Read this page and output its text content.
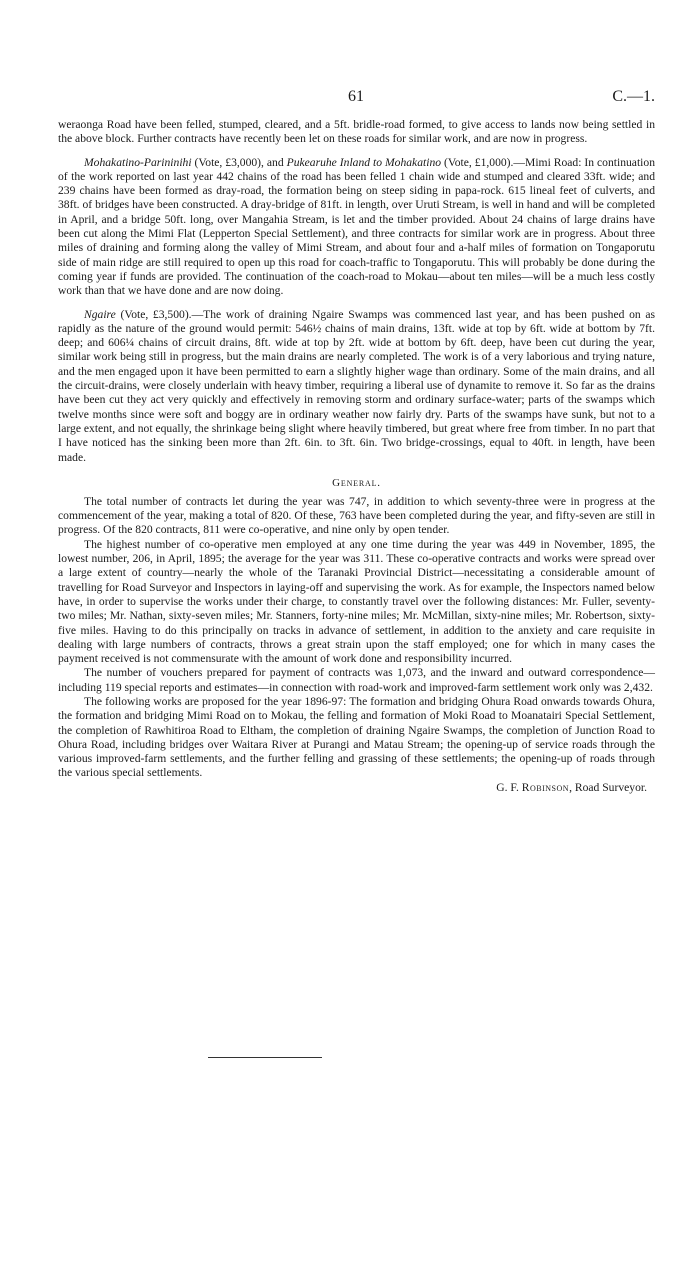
61	C.—1.

weraonga Road have been felled, stumped, cleared, and a 5ft. bridle-road formed, to give access to lands now being settled in the above block. Further contracts have recently been let on these roads for similar work, and are now in progress.

Mohakatino-Parininihi (Vote, £3,000), and Pukearuhe Inland to Mohakatino (Vote, £1,000).—Mimi Road: In continuation of the work reported on last year 442 chains of the road has been felled 1 chain wide and stumped and cleared 33ft. wide; and 239 chains have been formed as dray-road, the formation being on steep siding in papa-rock. 615 lineal feet of culverts, and 38ft. of bridges have been constructed. A dray-bridge of 81ft. in length, over Uruti Stream, is well in hand and will be completed in April, and a bridge 50ft. long, over Mangahia Stream, is let and the timber provided. About 24 chains of large drains have been cut along the Mimi Flat (Lepperton Special Settlement), and three contracts for similar work are in progress. About three miles of draining and forming along the valley of Mimi Stream, and about four and a-half miles of formation on Tongaporutu side of main ridge are still required to open up this road for coach-traffic to Tongaporutu. This will probably be done during the coming year if funds are provided. The continuation of the coach-road to Mokau—about ten miles—will be a much less costly work than that we have done and are now doing.

Ngaire (Vote, £3,500).—The work of draining Ngaire Swamps was commenced last year, and has been pushed on as rapidly as the nature of the ground would permit: 546½ chains of main drains, 13ft. wide at top by 6ft. wide at bottom by 7ft. deep; and 606¼ chains of circuit drains, 8ft. wide at top by 2ft. wide at bottom by 6ft. deep, have been cut during the year, similar work being still in progress, but the main drains are nearly completed. The work is of a very laborious and trying nature, and the men engaged upon it have been permitted to earn a slightly higher wage than ordinary. Some of the main drains, and all the circuit-drains, were closely underlain with heavy timber, requiring a liberal use of dynamite to remove it. So far as the drains have been cut they act very quickly and effectively in removing storm and ordinary surface-water; parts of the swamps which twelve months since were soft and boggy are in ordinary weather now fairly dry. Parts of the swamps have sunk, but not to a large extent, and not equally, the shrinkage being slight where heavily timbered, but great where free from timber. In no part that I have noticed has the sinking been more than 2ft. 6in. to 3ft. 6in. Two bridge-crossings, equal to 40ft. in length, have been made.

General.

The total number of contracts let during the year was 747, in addition to which seventy-three were in progress at the commencement of the year, making a total of 820. Of these, 763 have been completed during the year, and fifty-seven are still in progress. Of the 820 contracts, 811 were co-operative, and nine only by open tender.

The highest number of co-operative men employed at any one time during the year was 449 in November, 1895, the lowest number, 206, in April, 1895; the average for the year was 311. These co-operative contracts and works were spread over a large extent of country—nearly the whole of the Taranaki Provincial District—necessitating a considerable amount of travelling for Road Surveyor and Inspectors in laying-off and supervising the work. As for example, the Inspectors named below have, in order to supervise the works under their charge, to constantly travel over the following distances: Mr. Fuller, seventy-two miles; Mr. Nathan, sixty-seven miles; Mr. Stanners, forty-nine miles; Mr. McMillan, sixty-nine miles; Mr. Robertson, sixty-five miles. Having to do this principally on tracks in advance of settlement, in addition to the anxiety and care requisite in dealing with large numbers of contracts, throws a great strain upon the staff employed; one for which in many cases the payment received is not commensurate with the amount of work done and responsibility incurred.

The number of vouchers prepared for payment of contracts was 1,073, and the inward and outward correspondence—including 119 special reports and estimates—in connection with road-work and improved-farm settlement work only was 2,432.

The following works are proposed for the year 1896-97: The formation and bridging Ohura Road onwards towards Ohura, the formation and bridging Mimi Road on to Mokau, the felling and formation of Moki Road to Moanatairi Special Settlement, the completion of Rawhitiroa Road to Eltham, the completion of draining Ngaire Swamps, the completion of Junction Road to Ohura Road, including bridges over Waitara River at Purangi and Matau Stream; the opening-up of service roads through the various improved-farm settlements, and the further felling and grassing of these settlements; the opening-up of roads through the various special settlements.

G. F. Robinson, Road Surveyor.
